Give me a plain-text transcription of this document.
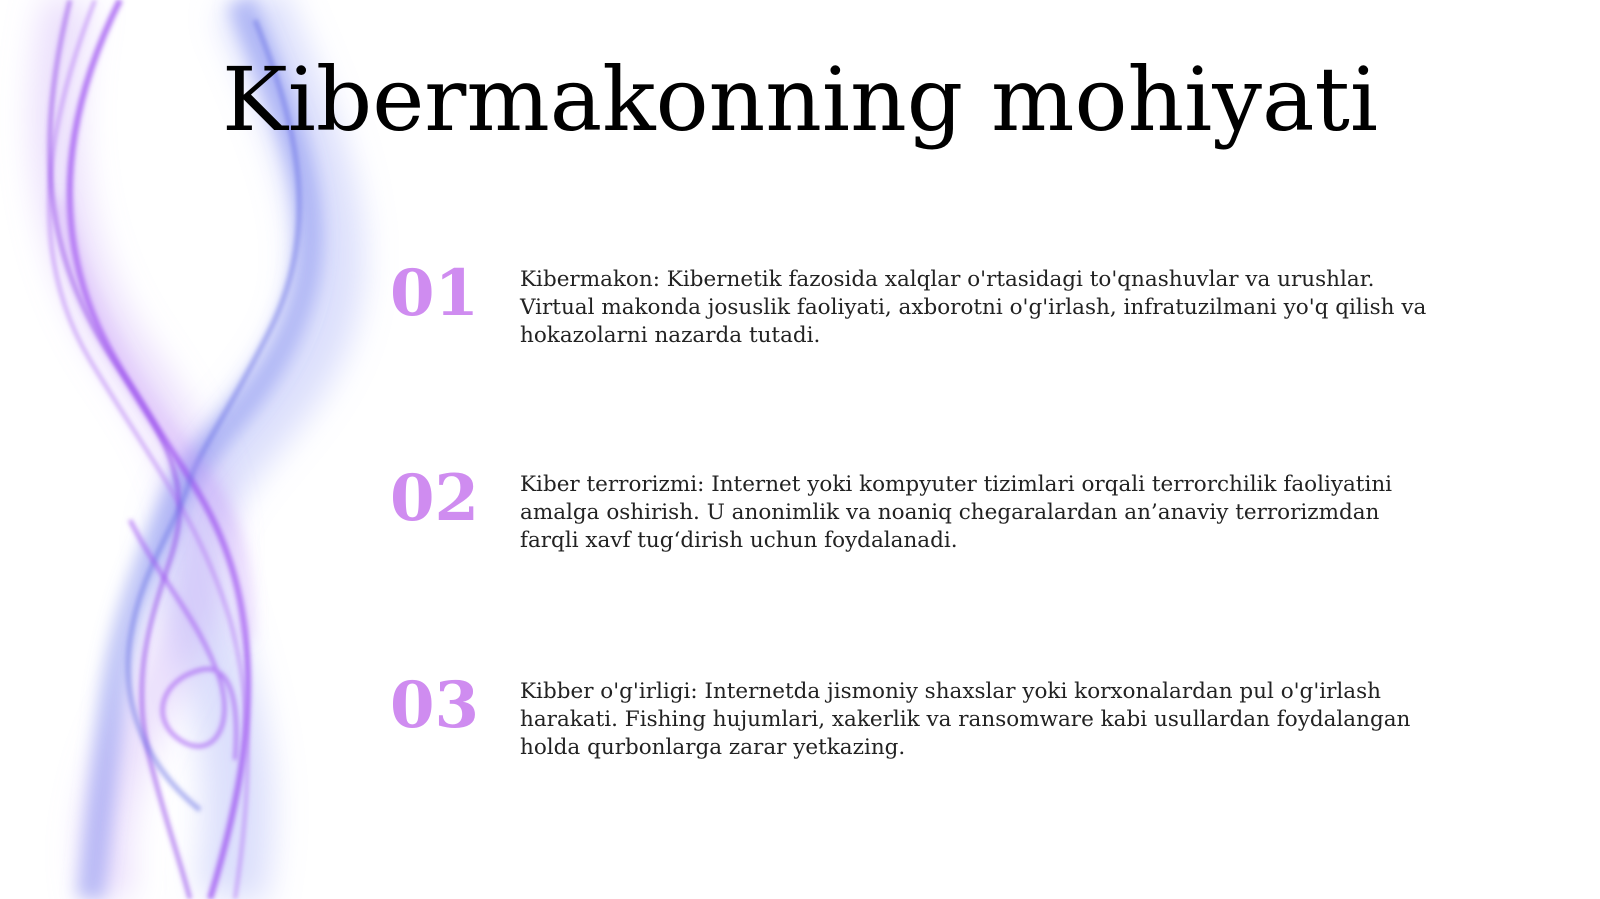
Kibermakonning mohiyati
01	Kibermakon: Kibernetik fazosida xalqlar o'rtasidagi to'qnashuvlar va urushlar. Virtual makonda josuslik faoliyati, axborotni o'g'irlash, infratuzilmani yo'q qilish va hokazolarni nazarda tutadi.
02	Kiber terrorizmi: Internet yoki kompyuter tizimlari orqali terrorchilik faoliyatini amalga oshirish. U anonimlik va noaniq chegaralardan an’anaviy terrorizmdan farqli xavf tug‘dirish uchun foydalanadi.
03	Kibber o'g'irligi: Internetda jismoniy shaxslar yoki korxonalardan pul o'g'irlash harakati. Fishing hujumlari, xakerlik va ransomware kabi usullardan foydalangan holda qurbonlarga zarar yetkazing.
